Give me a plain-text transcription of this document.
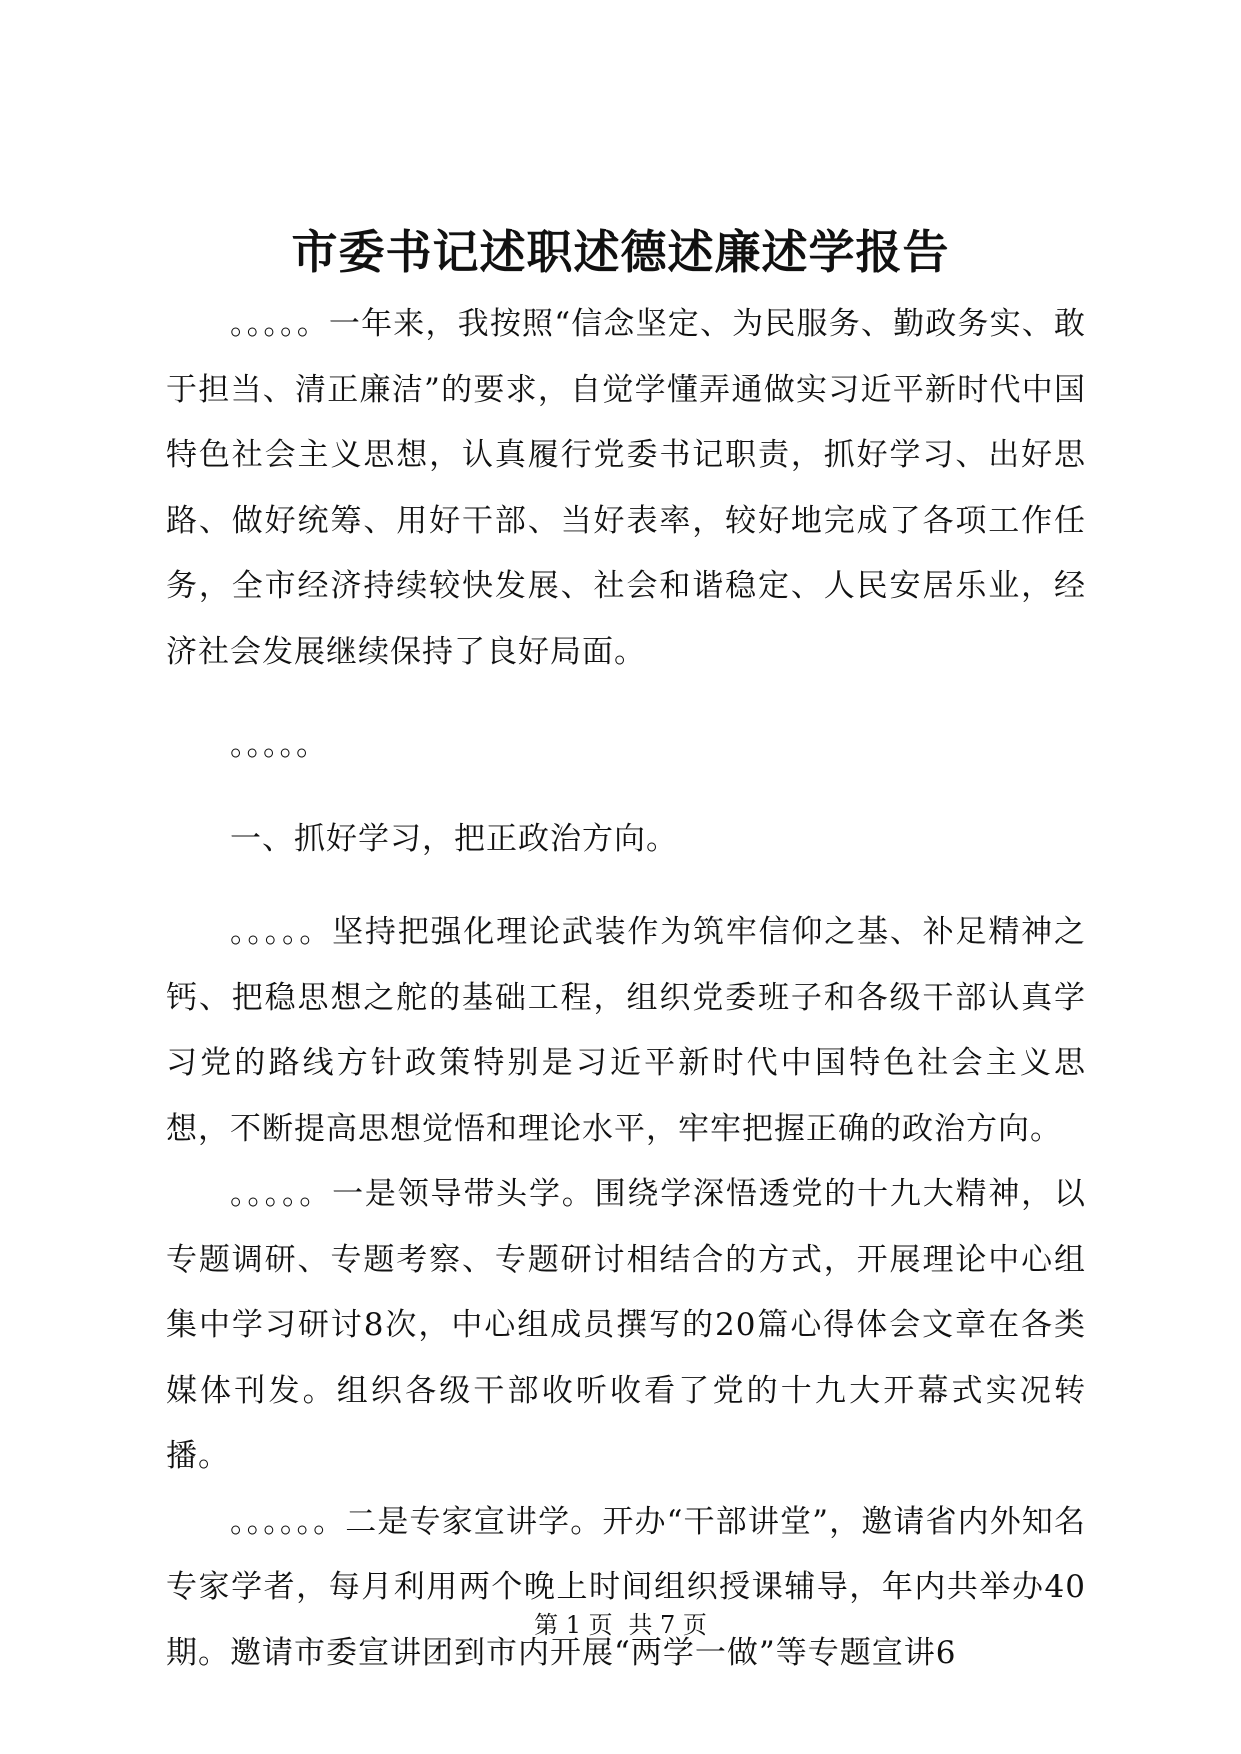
市委书记述职述德述廉述学报告

。。。。。一年来，我按照“信念坚定、为民服务、勤政务实、敢于担当、清正廉洁”的要求，自觉学懂弄通做实习近平新时代中国特色社会主义思想，认真履行党委书记职责，抓好学习、出好思路、做好统筹、用好干部、当好表率，较好地完成了各项工作任务，全市经济持续较快发展、社会和谐稳定、人民安居乐业，经济社会发展继续保持了良好局面。

。。。。。

一、抓好学习，把正政治方向。

。。。。。坚持把强化理论武装作为筑牢信仰之基、补足精神之钙、把稳思想之舵的基础工程，组织党委班子和各级干部认真学习党的路线方针政策特别是习近平新时代中国特色社会主义思想，不断提高思想觉悟和理论水平，牢牢把握正确的政治方向。

。。。。。一是领导带头学。围绕学深悟透党的十九大精神，以专题调研、专题考察、专题研讨相结合的方式，开展理论中心组集中学习研讨8次，中心组成员撰写的20篇心得体会文章在各类媒体刊发。组织各级干部收听收看了党的十九大开幕式实况转播。

。。。。。。二是专家宣讲学。开办“干部讲堂”，邀请省内外知名专家学者，每月利用两个晚上时间组织授课辅导，年内共举办40期。邀请市委宣讲团到市内开展“两学一做”等专题宣讲6

第 1 页 共 7 页
